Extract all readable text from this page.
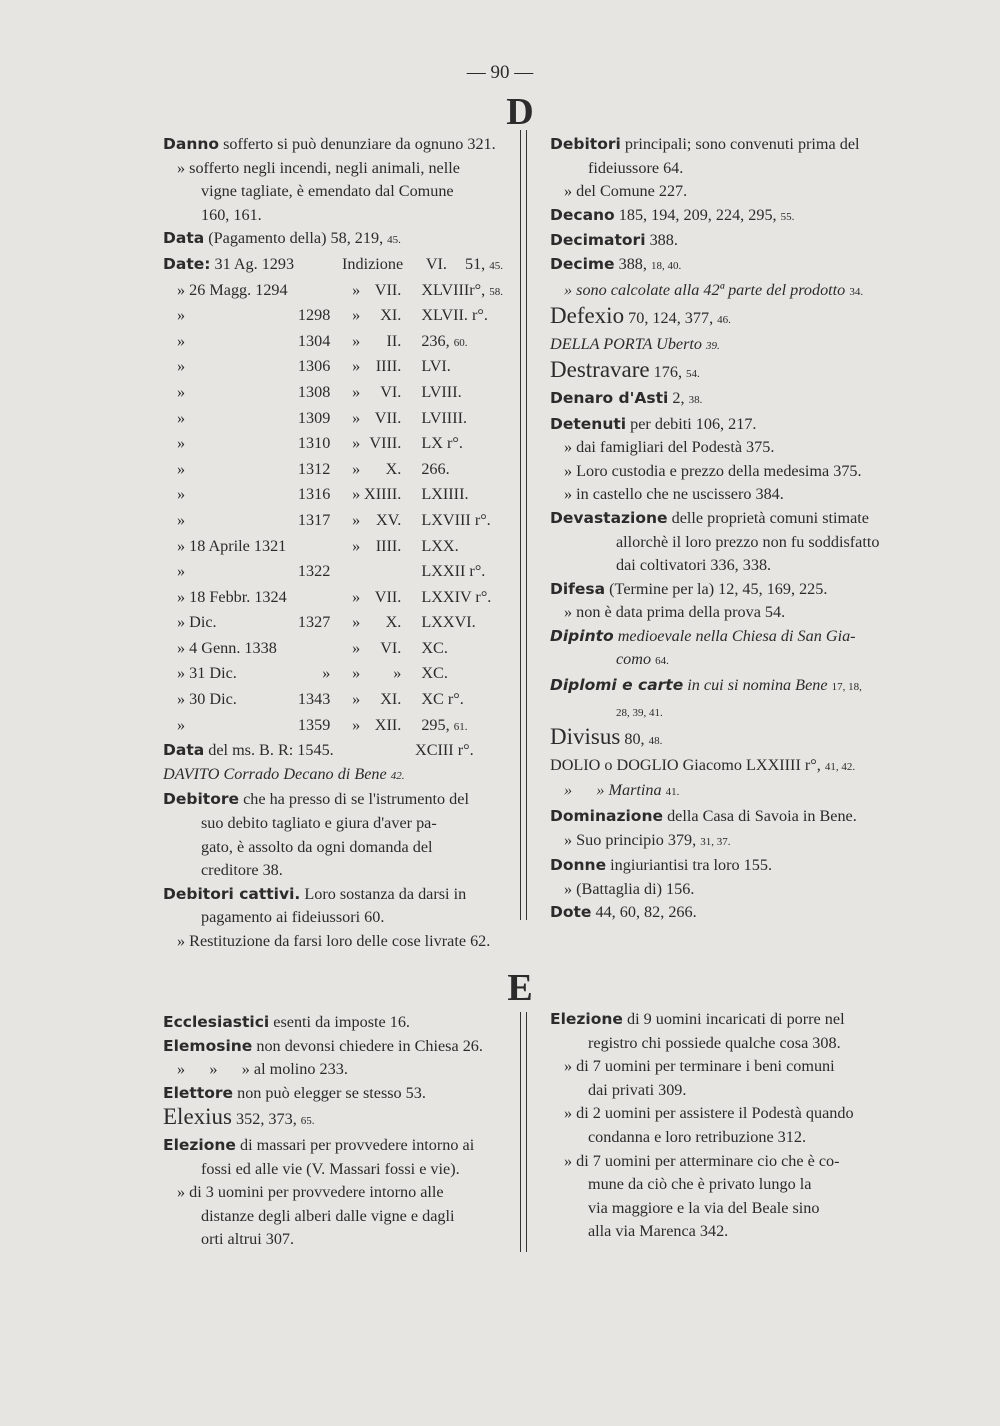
— 90 —
D

Danno sofferto si può denunziare da ognuno 321.

» sofferto negli incendi, negli animali, nelle

vigne tagliate, è emendato dal Comune

160, 161.

Data (Pagamento della) 58, 219, 45.

Date: 31 Ag. 1293	Indizione	VI.	51, 45.
» 26 Magg. 1294		»	VII.	XLVIIIr°, 58.
»	1298	»	XI.	XLVII. r°.
»	1304	»	II.	236, 60.
»	1306	»	IIII.	LVI.
»	1308	»	VI.	LVIII.
»	1309	»	VII.	LVIIII.
»	1310	»	VIII.	LX r°.
»	1312	»	X.	266.
»	1316	»	XIIII.	LXIIII.
»	1317	»	XV.	LXVIII r°.
» 18 Aprile 1321		»	IIII.	LXX.
»	1322			LXXII r°.
» 18 Febbr. 1324		»	VII.	LXXIV r°.
» Dic.	1327	»	X.	LXXVI.
» 4 Genn. 1338		»	VI.	XC.
» 31 Dic.	»	»	»	XC.
» 30 Dic.	1343	»	XI.	XC r°.
»	1359	»	XII.	295, 61.

Data del ms. B. R: 1545.	XCIII r°.

DAVITO Corrado Decano di Bene 42.

Debitore che ha presso di se l'istrumento del

suo debito tagliato e giura d'aver pa-

gato, è assolto da ogni domanda del

creditore 38.

Debitori cattivi. Loro sostanza da darsi in

pagamento ai fideiussori 60.

» Restituzione da farsi loro delle cose livrate 62.

Debitori principali; sono convenuti prima del

fideiussore 64.

» del Comune 227.

Decano 185, 194, 209, 224, 295, 55.

Decimatori 388.

Decime 388, 18, 40.

» sono calcolate alla 42ª parte del prodotto 34.

Defexio 70, 124, 377, 46.

DELLA PORTA Uberto 39.

Destravare 176, 54.

Denaro d'Asti 2, 38.

Detenuti per debiti 106, 217.

» dai famigliari del Podestà 375.

» Loro custodia e prezzo della medesima 375.

» in castello che ne uscissero 384.

Devastazione delle proprietà comuni stimate

allorchè il loro prezzo non fu soddisfatto

dai coltivatori 336, 338.

Difesa (Termine per la) 12, 45, 169, 225.

» non è data prima della prova 54.

Dipinto medioevale nella Chiesa di San Gia-

como 64.

Diplomi e carte in cui si nomina Bene 17, 18,

28, 39, 41.

Divisus 80, 48.

DOLIO o DOGLIO Giacomo LXXIIII r°, 41, 42.

»      » Martina 41.

Dominazione della Casa di Savoia in Bene.

» Suo principio 379, 31, 37.

Donne ingiuriantisi tra loro 155.

» (Battaglia di) 156.

Dote 44, 60, 82, 266.

E

Ecclesiastici esenti da imposte 16.

Elemosine non devonsi chiedere in Chiesa 26.

»      »      » al molino 233.

Elettore non può elegger se stesso 53.

Elexius 352, 373, 65.

Elezione di massari per provvedere intorno ai

fossi ed alle vie (V. Massari fossi e vie).

» di 3 uomini per provvedere intorno alle

distanze degli alberi dalle vigne e dagli

orti altrui 307.

Elezione di 9 uomini incaricati di porre nel

registro chi possiede qualche cosa 308.

» di 7 uomini per terminare i beni comuni

dai privati 309.

» di 2 uomini per assistere il Podestà quando

condanna e loro retribuzione 312.

» di 7 uomini per atterminare cio che è co-

mune da ciò che è privato lungo la

via maggiore e la via del Beale sino

alla via Marenca 342.
